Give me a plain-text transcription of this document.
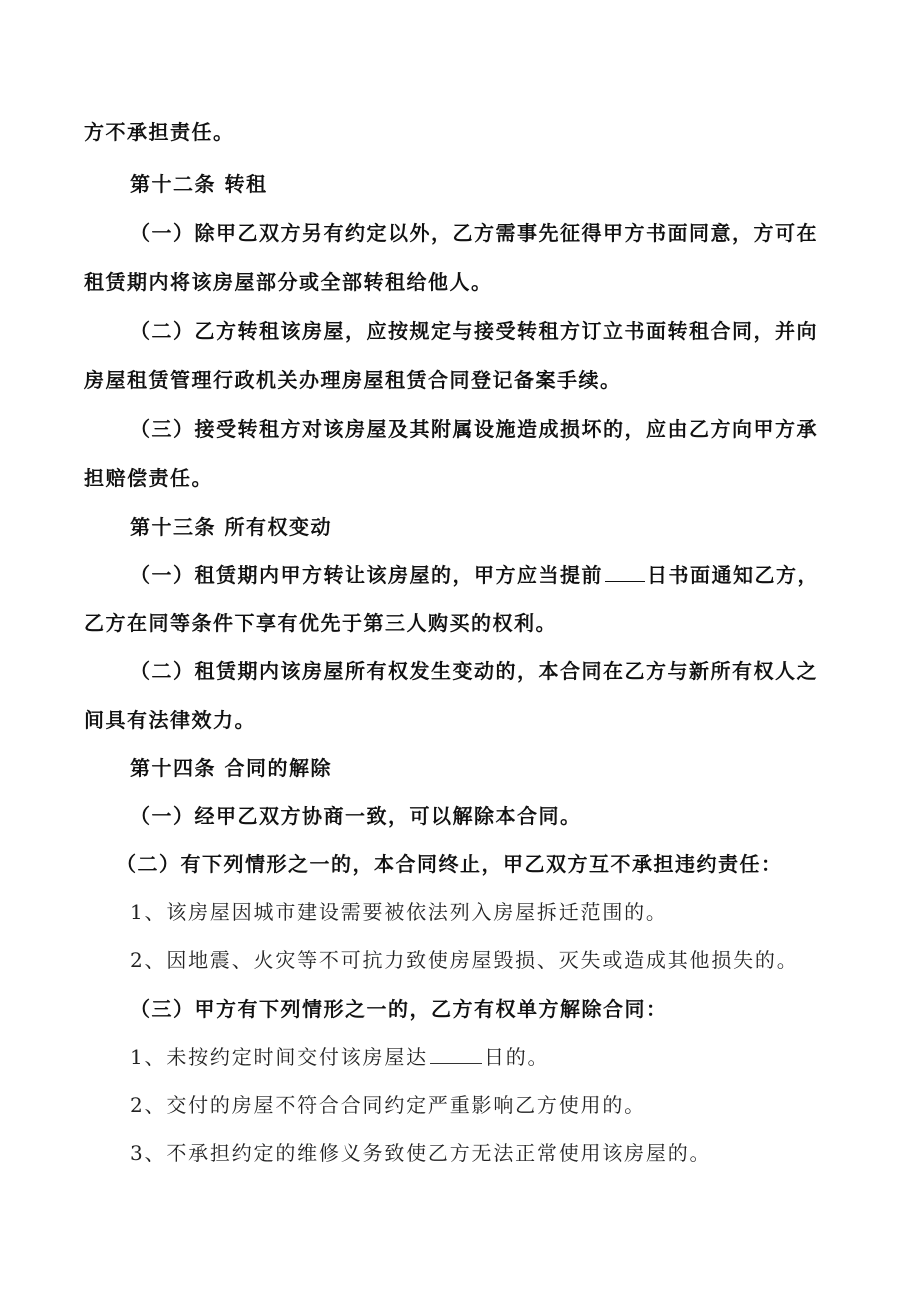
方不承担责任。
第十二条 转租
（一）除甲乙双方另有约定以外，乙方需事先征得甲方书面同意，方可在
租赁期内将该房屋部分或全部转租给他人。
（二）乙方转租该房屋，应按规定与接受转租方订立书面转租合同，并向
房屋租赁管理行政机关办理房屋租赁合同登记备案手续。
（三）接受转租方对该房屋及其附属设施造成损坏的，应由乙方向甲方承
担赔偿责任。
第十三条 所有权变动
（一）租赁期内甲方转让该房屋的，甲方应当提前 日书面通知乙方，
乙方在同等条件下享有优先于第三人购买的权利。
（二）租赁期内该房屋所有权发生变动的，本合同在乙方与新所有权人之
间具有法律效力。
第十四条 合同的解除
（一）经甲乙双方协商一致，可以解除本合同。
（二）有下列情形之一的，本合同终止，甲乙双方互不承担违约责任：
1、该房屋因城市建设需要被依法列入房屋拆迁范围的。
2、因地震、火灾等不可抗力致使房屋毁损、灭失或造成其他损失的。
（三）甲方有下列情形之一的，乙方有权单方解除合同：
1、未按约定时间交付该房屋达	日的。
2、交付的房屋不符合合同约定严重影响乙方使用的。
3、不承担约定的维修义务致使乙方无法正常使用该房屋的。
